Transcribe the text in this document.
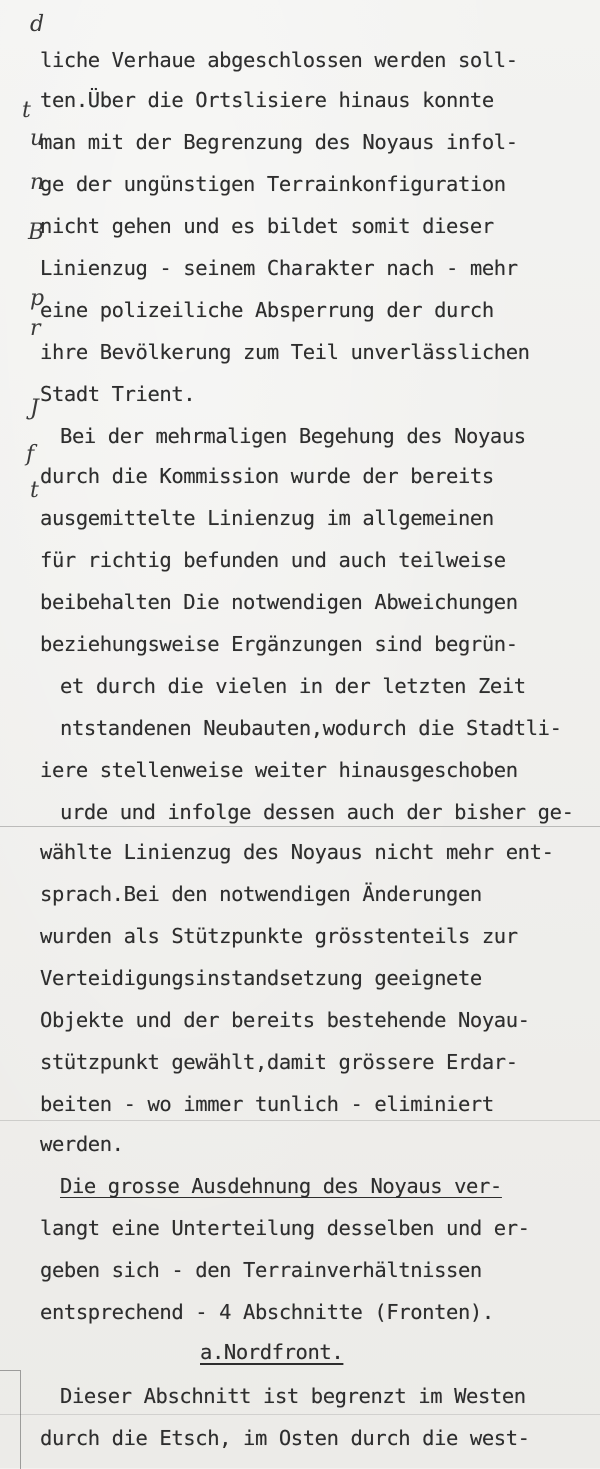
d
t
u
n
B
p
r
J
f
t
liche Verhaue abgeschlossen werden soll-
ten.Über die Ortslisiere hinaus konnte
man mit der Begrenzung des Noyaus infol-
ge der ungünstigen Terrainkonfiguration
nicht gehen und es bildet somit dieser
Linienzug - seinem Charakter nach - mehr
eine polizeiliche Absperrung der durch
ihre Bevölkerung zum Teil unverlässlichen
Stadt Trient.
Bei der mehrmaligen Begehung des Noyaus
durch die Kommission wurde der bereits
ausgemittelte Linienzug im allgemeinen
für richtig befunden und auch teilweise
beibehalten Die notwendigen Abweichungen
beziehungsweise Ergänzungen sind begrün-
et durch die vielen in der letzten Zeit
ntstandenen Neubauten,wodurch die Stadtli-
iere stellenweise weiter hinausgeschoben
urde und infolge dessen auch der bisher ge-
wählte Linienzug des Noyaus nicht mehr ent-
sprach.Bei den notwendigen Änderungen
wurden als Stützpunkte grösstenteils zur
Verteidigungsinstandsetzung geeignete
Objekte und der bereits bestehende Noyau-
stützpunkt gewählt,damit grössere Erdar-
beiten - wo immer tunlich - eliminiert
werden.
Die grosse Ausdehnung des Noyaus ver-
langt eine Unterteilung desselben und er-
geben sich - den Terrainverhältnissen
entsprechend - 4 Abschnitte (Fronten).
a.Nordfront.
Dieser Abschnitt ist begrenzt im Westen
durch die Etsch, im Osten durch die west-
